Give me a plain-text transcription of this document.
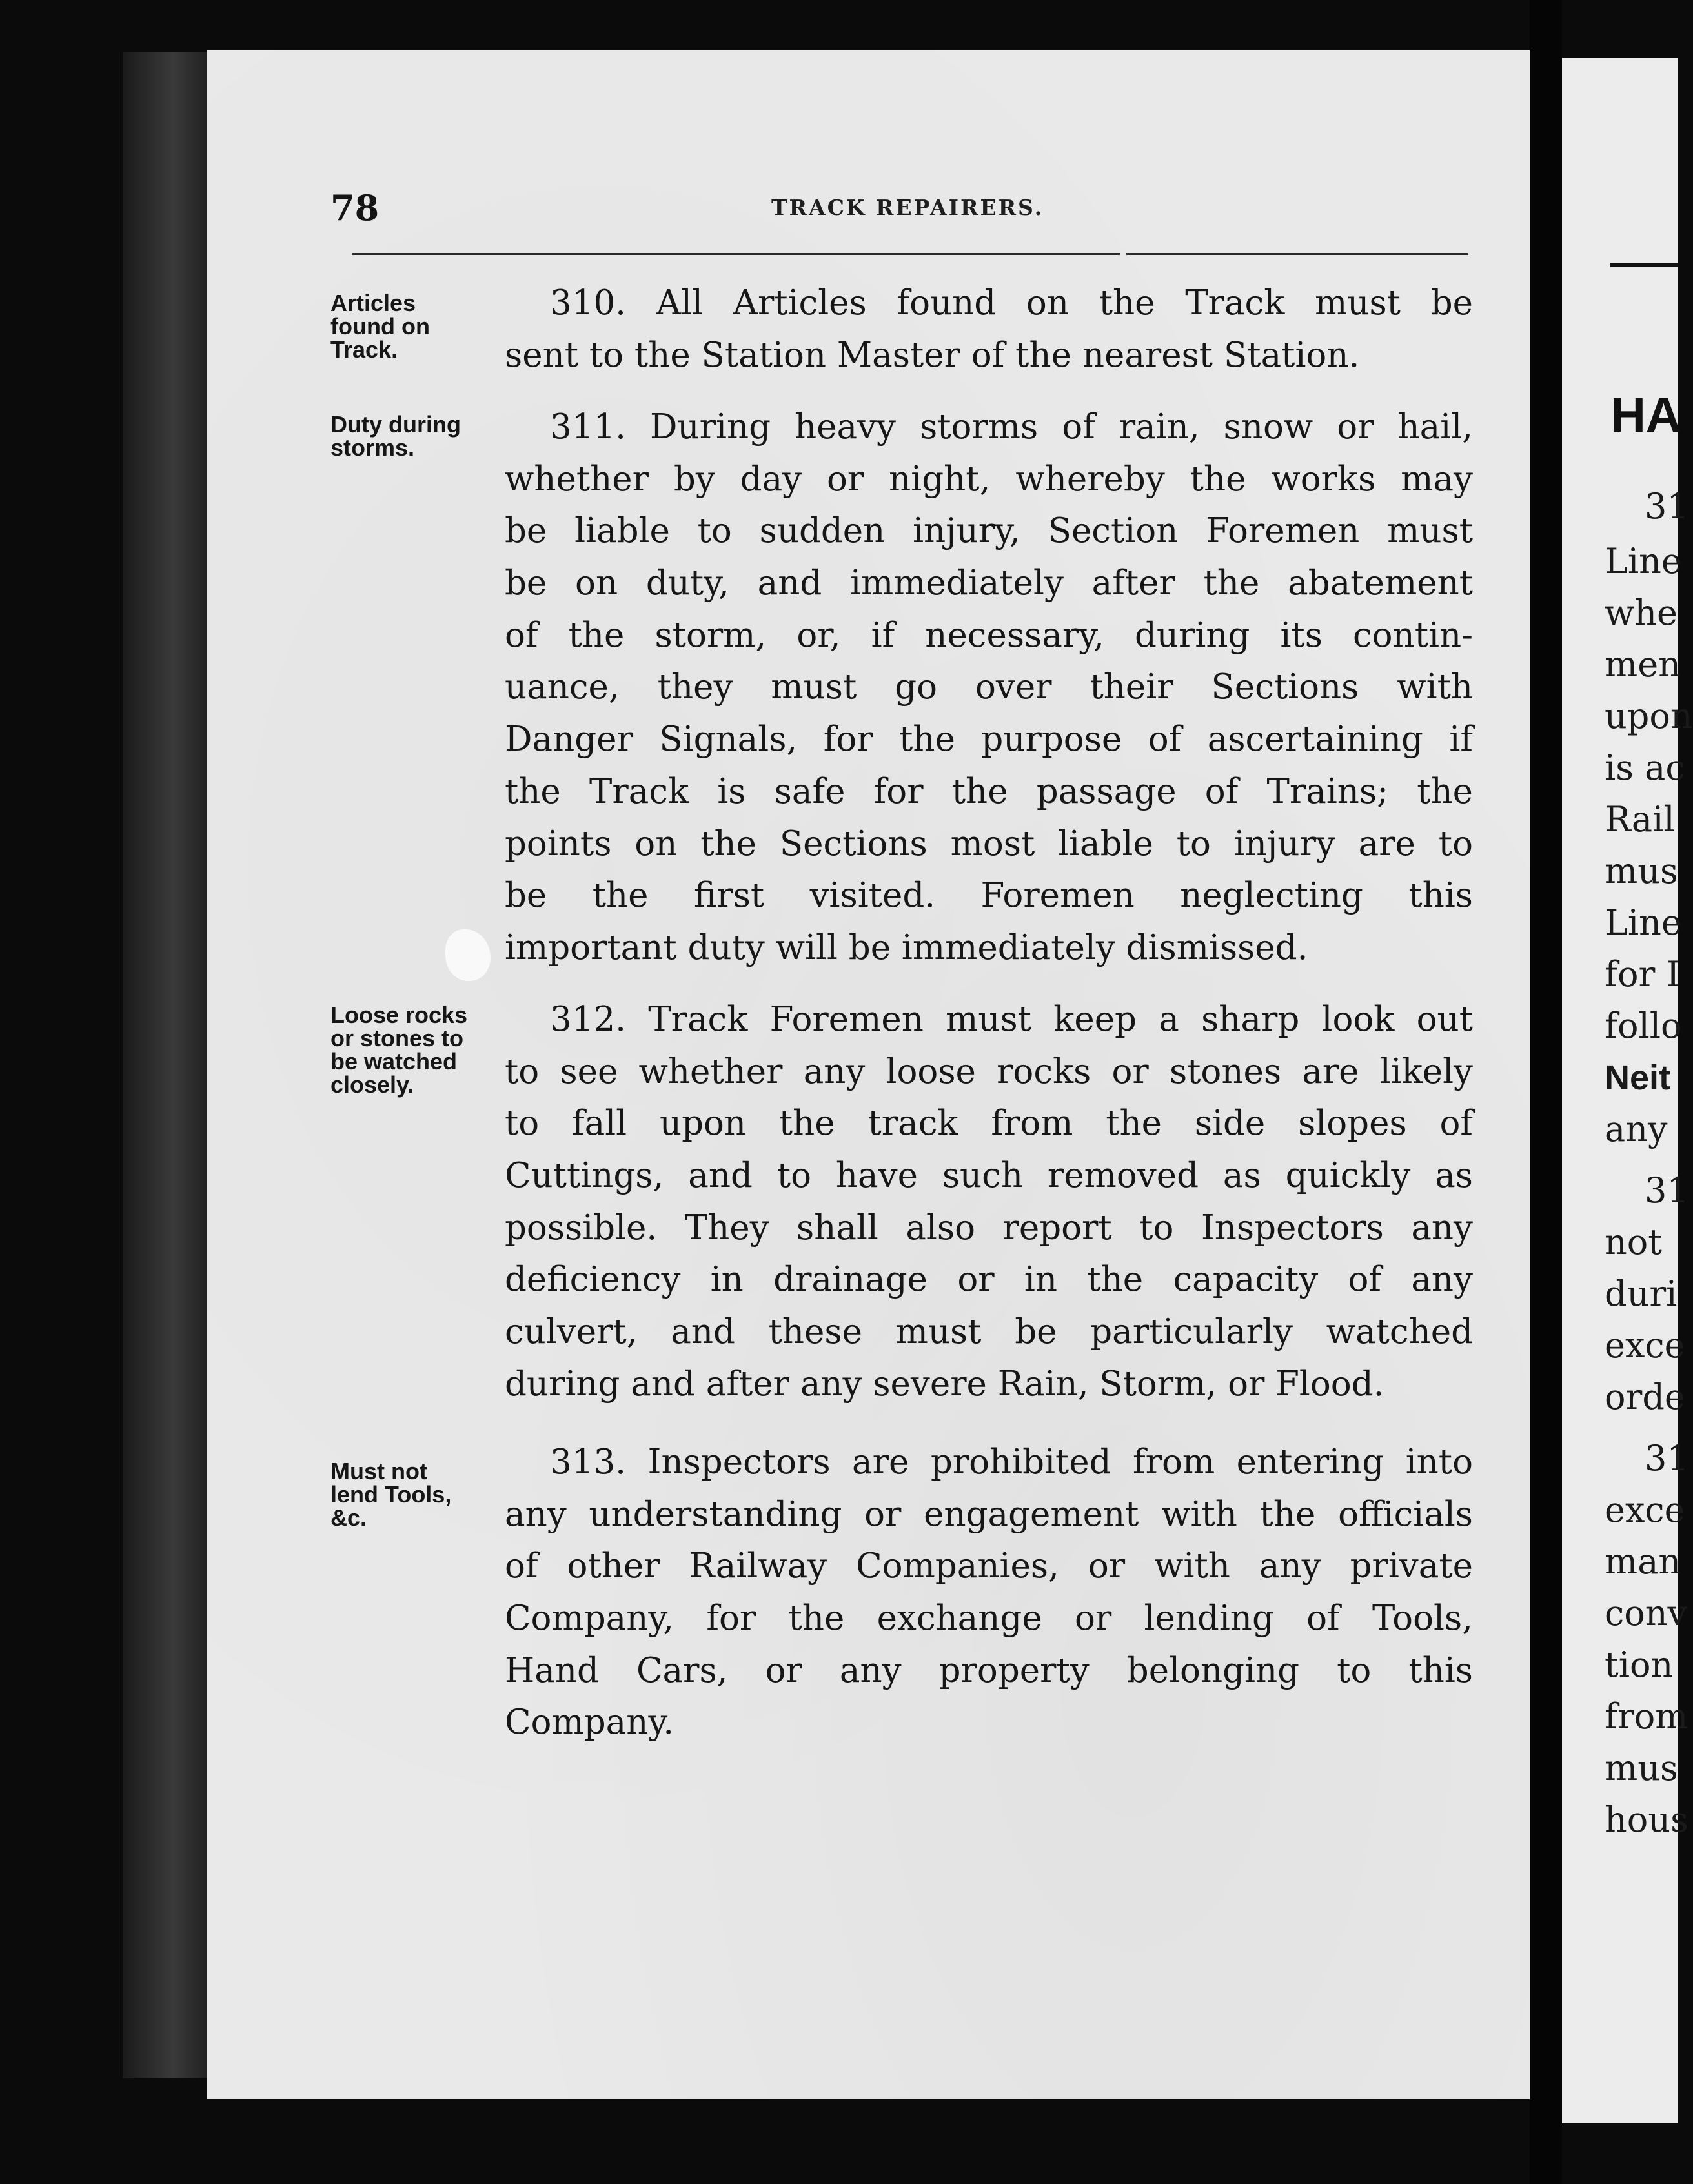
HA
31
Line
whe
men
upon
is ac
Rail
mus
Line
for I
follo
Neit
any
31
not
duri
exce
orde
31
exce
man
conv
tion
from
mus
hous
78	TRACK REPAIRERS.
Articles
found on
Track.
310. All Articles found on the Track must be
sent to the Station Master of the nearest Station.
Duty during
storms.
311. During heavy storms of rain, snow or hail,
whether by day or night, whereby the works may
be liable to sudden injury, Section Foremen must
be on duty, and immediately after the abatement
of the storm, or, if necessary, during its contin-
uance, they must go over their Sections with
Danger Signals, for the purpose of ascertaining if
the Track is safe for the passage of Trains; the
points on the Sections most liable to injury are to
be the first visited. Foremen neglecting this
important duty will be immediately dismissed.
Loose rocks
or stones to
be watched
closely.
312. Track Foremen must keep a sharp look out
to see whether any loose rocks or stones are likely
to fall upon the track from the side slopes of
Cuttings, and to have such removed as quickly as
possible. They shall also report to Inspectors any
deficiency in drainage or in the capacity of any
culvert, and these must be particularly watched
during and after any severe Rain, Storm, or Flood.
Must not
lend Tools,
&c.
313. Inspectors are prohibited from entering into
any understanding or engagement with the officials
of other Railway Companies, or with any private
Company, for the exchange or lending of Tools,
Hand Cars, or any property belonging to this
Company.
